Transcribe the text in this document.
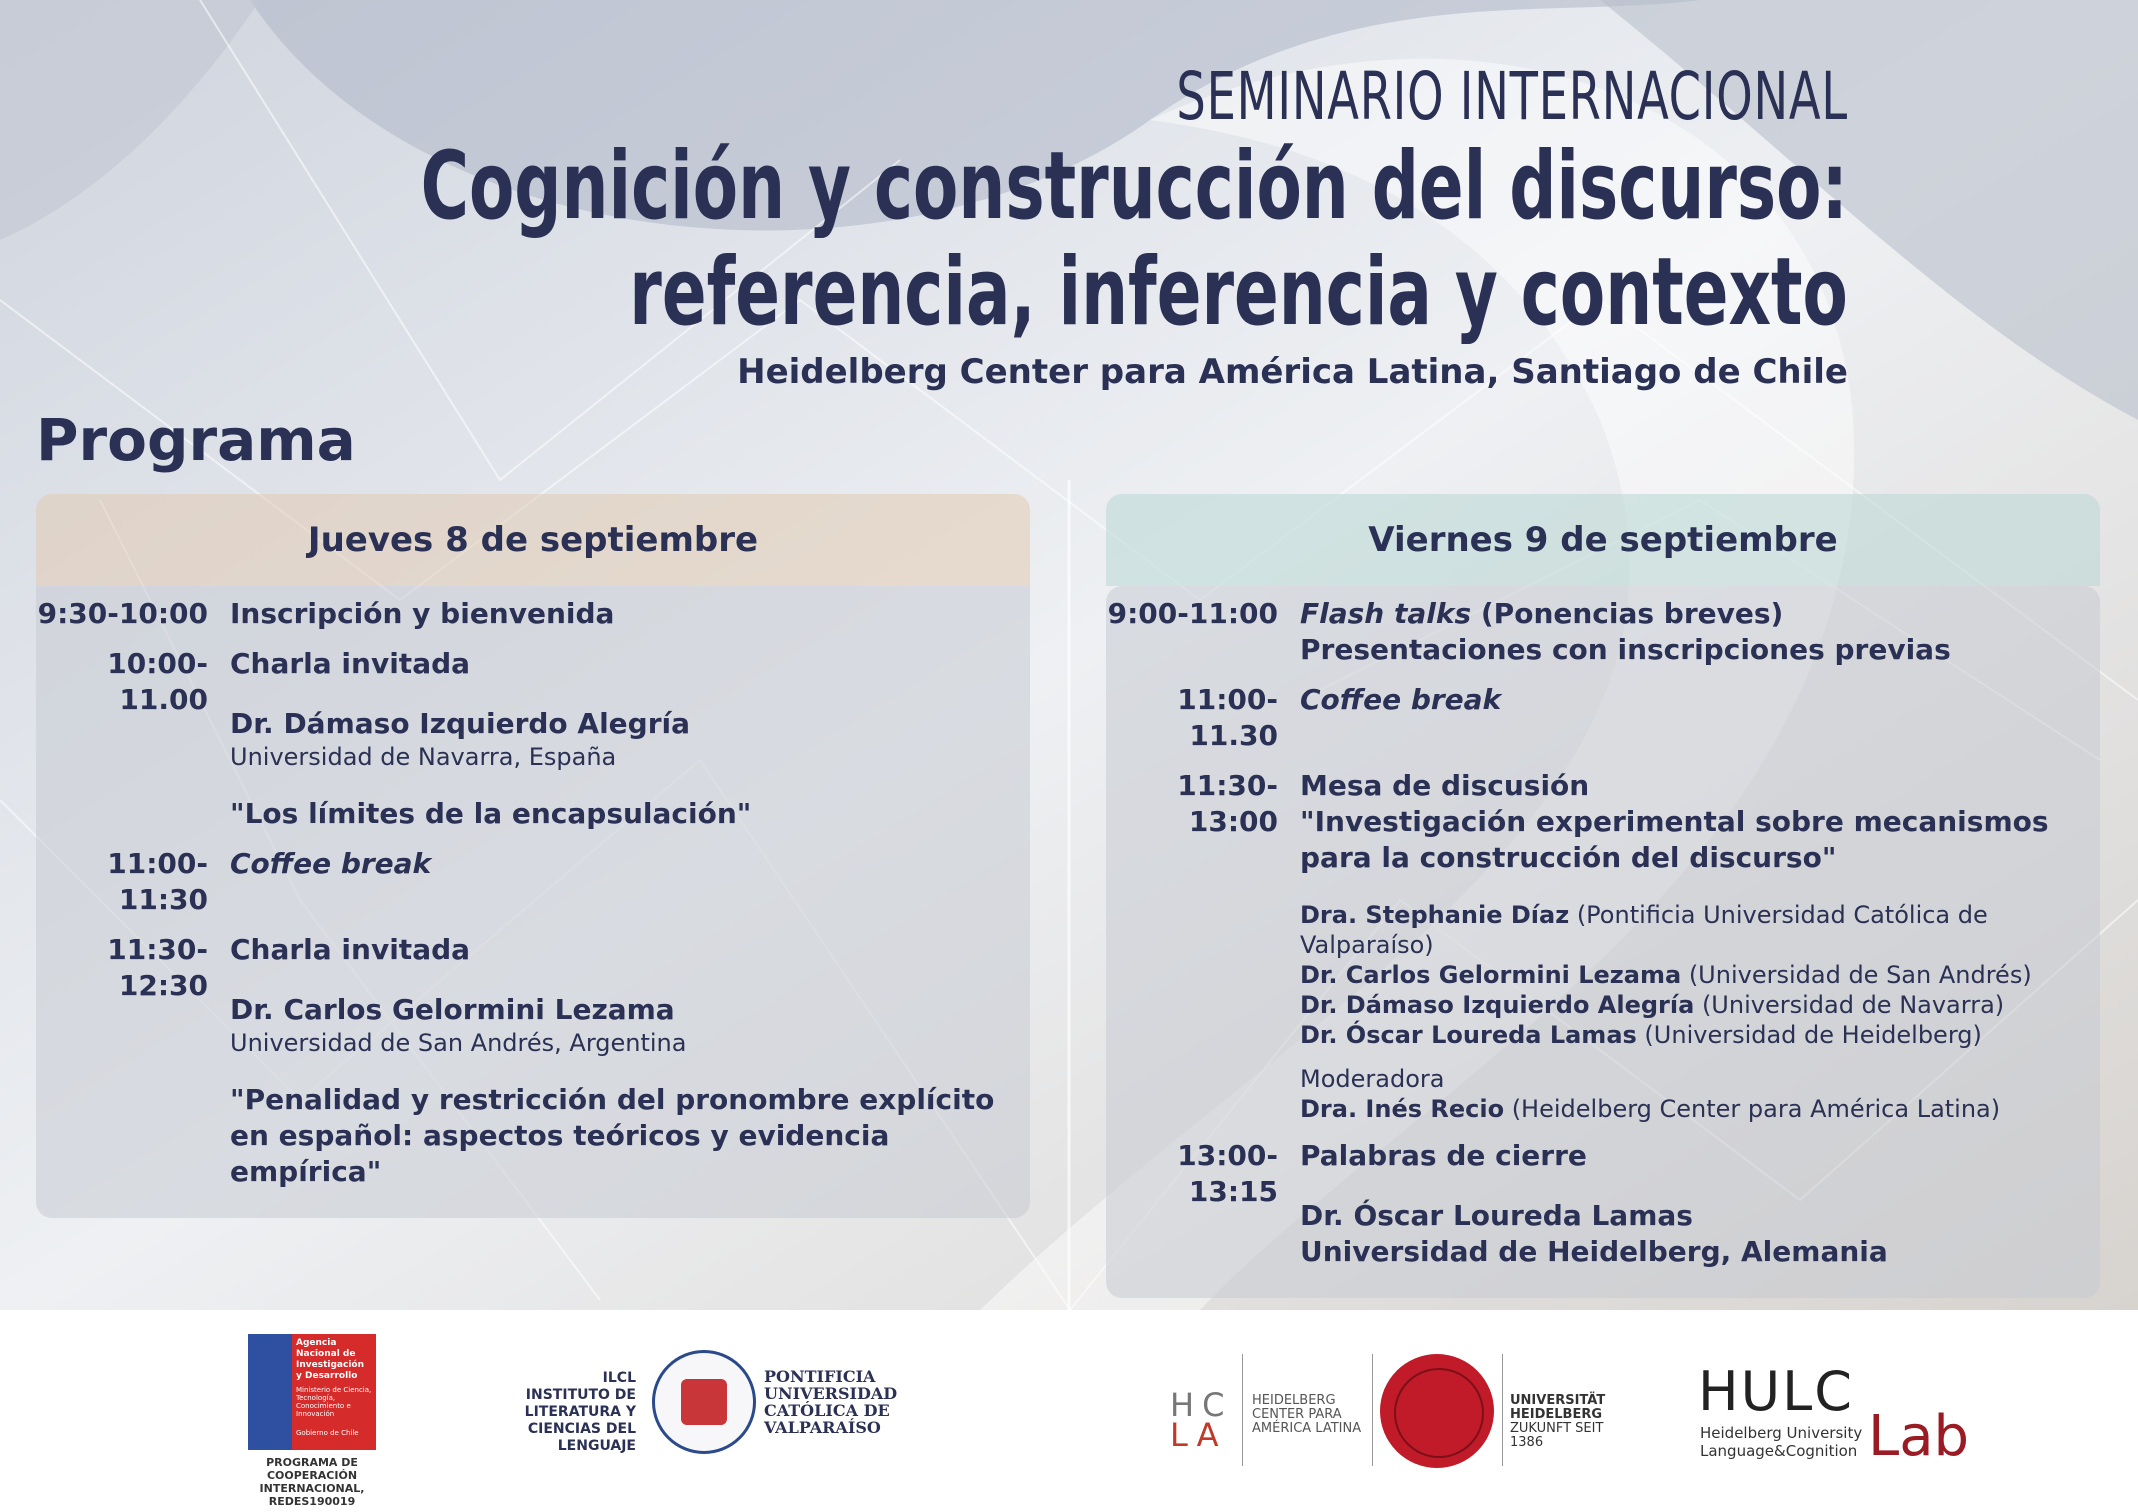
SEMINARIO INTERNACIONAL
Cognición y construcción del discurso:
referencia, inferencia y contexto
Heidelberg Center para América Latina, Santiago de Chile
Programa
Jueves 8 de septiembre
9:30-10:00 Inscripción y bienvenida
10:00-11.00
Charla invitada
Dr. Dámaso Izquierdo Alegría
Universidad de Navarra, España
"Los límites de la encapsulación"
11:00-11:30
Coffee break
11:30-12:30
Charla invitada
Dr. Carlos Gelormini Lezama
Universidad de San Andrés, Argentina
"Penalidad y restricción del pronombre explícito en español: aspectos teóricos y evidencia empírica"
Viernes 9 de septiembre
9:00-11:00 Flash talks (Ponencias breves)
Presentaciones con inscripciones previas
11:00-11.30
Coffee break
11:30-13:00
Mesa de discusión
"Investigación experimental sobre mecanismos para la construcción del discurso"
Dra. Stephanie Díaz (Pontificia Universidad Católica de Valparaíso)
Dr. Carlos Gelormini Lezama (Universidad de San Andrés)
Dr. Dámaso Izquierdo Alegría (Universidad de Navarra)
Dr. Óscar Loureda Lamas (Universidad de Heidelberg)
Moderadora
Dra. Inés Recio (Heidelberg Center para América Latina)
13:00-13:15
Palabras de cierre
Dr. Óscar Loureda Lamas
Universidad de Heidelberg, Alemania
Agencia Nacional de Investigación y Desarrollo
Ministerio de Ciencia, Tecnología, Conocimiento e Innovación
Gobierno de Chile
PROGRAMA DE COOPERACIÓN INTERNACIONAL, REDES190019
ILCL
INSTITUTO DE LITERATURA Y CIENCIAS DEL LENGUAJE
PONTIFICIA UNIVERSIDAD CATÓLICA DE VALPARAÍSO
HC
LA
HEIDELBERG CENTER PARA AMÉRICA LATINA
UNIVERSITÄT HEIDELBERG
ZUKUNFT SEIT 1386
HULC
Heidelberg University
Language&Cognition Lab
